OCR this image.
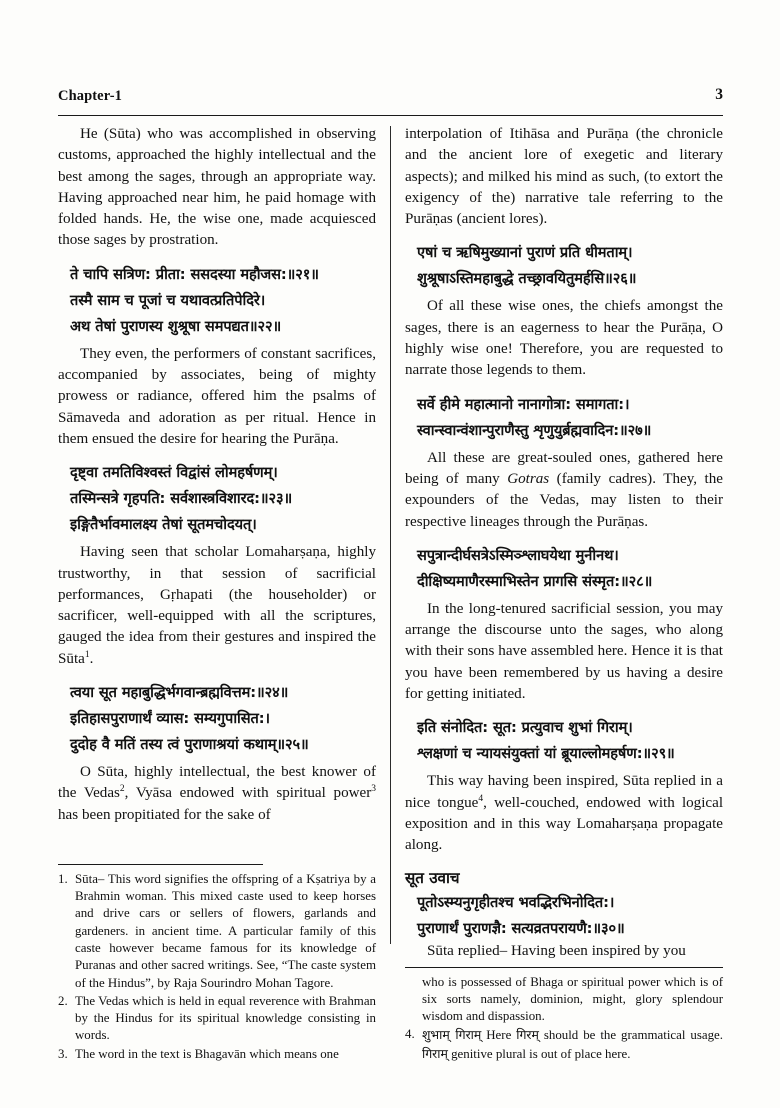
Chapter-1	3

He (Sūta) who was accomplished in observing customs, approached the highly intellectual and the best among the sages, through an appropriate way. Having approached near him, he paid homage with folded hands. He, the wise one, made acquiesced those sages by prostration.

ते चापि सत्रिण: प्रीता: ससदस्या महौजस:॥२१॥

तस्मै साम च पूजां च यथावत्प्रतिपेदिरे।

अथ तेषां पुराणस्य शुश्रूषा समपद्यत॥२२॥

They even, the performers of constant sacrifices, accompanied by associates, being of mighty prowess or radiance, offered him the psalms of Sāmaveda and adoration as per ritual. Hence in them ensued the desire for hearing the Purāṇa.

दृष्ट्वा तमतिविश्वस्तं विद्वांसं लोमहर्षणम्।

तस्मिन्सत्रे गृहपति: सर्वशास्त्रविशारद:॥२३॥

इङ्गितैर्भावमालक्ष्य तेषां सूतमचोदयत्।

Having seen that scholar Lomaharṣaṇa, highly trustworthy, in that session of sacrificial performances, Gṛhapati (the householder) or sacrificer, well-equipped with all the scriptures, gauged the idea from their gestures and inspired the Sūta$^1$.

त्वया सूत महाबुद्धिर्भगवान्ब्रह्मवित्तम:॥२४॥

इतिहासपुराणार्थं व्यास: सम्यगुपासित:।

दुदोह वै मतिं तस्य त्वं पुराणाश्रयां कथाम्॥२५॥

O Sūta, highly intellectual, the best knower of the Vedas$^2$, Vyāsa endowed with spiritual power$^3$ has been propitiated for the sake of

1. Sūta– This word signifies the offspring of a Kṣatriya by a Brahmin woman. This mixed caste used to keep horses and drive cars or sellers of flowers, garlands and gardeners. in ancient time. A particular family of this caste however became famous for its knowledge of Puranas and other sacred writings. See, “The caste system of the Hindus”, by Raja Sourindro Mohan Tagore.
2. The Vedas which is held in equal reverence with Brahman by the Hindus for its spiritual knowledge consisting in words.
3. The word in the text is Bhagavān which means one

interpolation of Itihāsa and Purāṇa (the chronicle and the ancient lore of exegetic and literary aspects); and milked his mind as such, (to extort the exigency of the) narrative tale referring to the Purāṇas (ancient lores).

एषां च ऋषिमुख्यानां पुराणं प्रति धीमताम्।

शुश्रूषाऽस्तिमहाबुद्धे तच्छ्रावयितुमर्हसि॥२६॥

Of all these wise ones, the chiefs amongst the sages, there is an eagerness to hear the Purāṇa, O highly wise one! Therefore, you are requested to narrate those legends to them.

सर्वे हीमे महात्मानो नानागोत्रा: समागता:।

स्वान्स्वान्वंशान्पुराणैस्तु शृणुयुर्ब्रह्मवादिन:॥२७॥

All these are great-souled ones, gathered here being of many Gotras (family cadres). They, the expounders of the Vedas, may listen to their respective lineages through the Purāṇas.

सपुत्रान्दीर्घसत्रेऽस्मिञ्श्लाघयेथा मुनीनथ।

दीक्षिष्यमाणैरस्माभिस्तेन प्रागसि संस्मृत:॥२८॥

In the long-tenured sacrificial session, you may arrange the discourse unto the sages, who along with their sons have assembled here. Hence it is that you have been remembered by us having a desire for getting initiated.

इति संनोदित: सूत: प्रत्युवाच शुभां गिराम्।

श्लक्षणां च न्यायसंयुक्तां यां ब्रूयाल्लोमहर्षण:॥२९॥

This way having been inspired, Sūta replied in a nice tongue$^4$, well-couched, endowed with logical exposition and in this way Lomaharṣaṇa propagate along.

सूत उवाच

पूतोऽस्म्यनुगृहीतश्च भवद्भिरभिनोदित:।

पुराणार्थं पुराणज्ञै: सत्यव्रतपरायणै:॥३०॥

Sūta replied– Having been inspired by you

who is possessed of Bhaga or spiritual power which is of six sorts namely, dominion, might, glory splendour wisdom and dispassion.
4. शुभाम् गिराम् Here गिरम् should be the grammatical usage. गिराम् genitive plural is out of place here.
